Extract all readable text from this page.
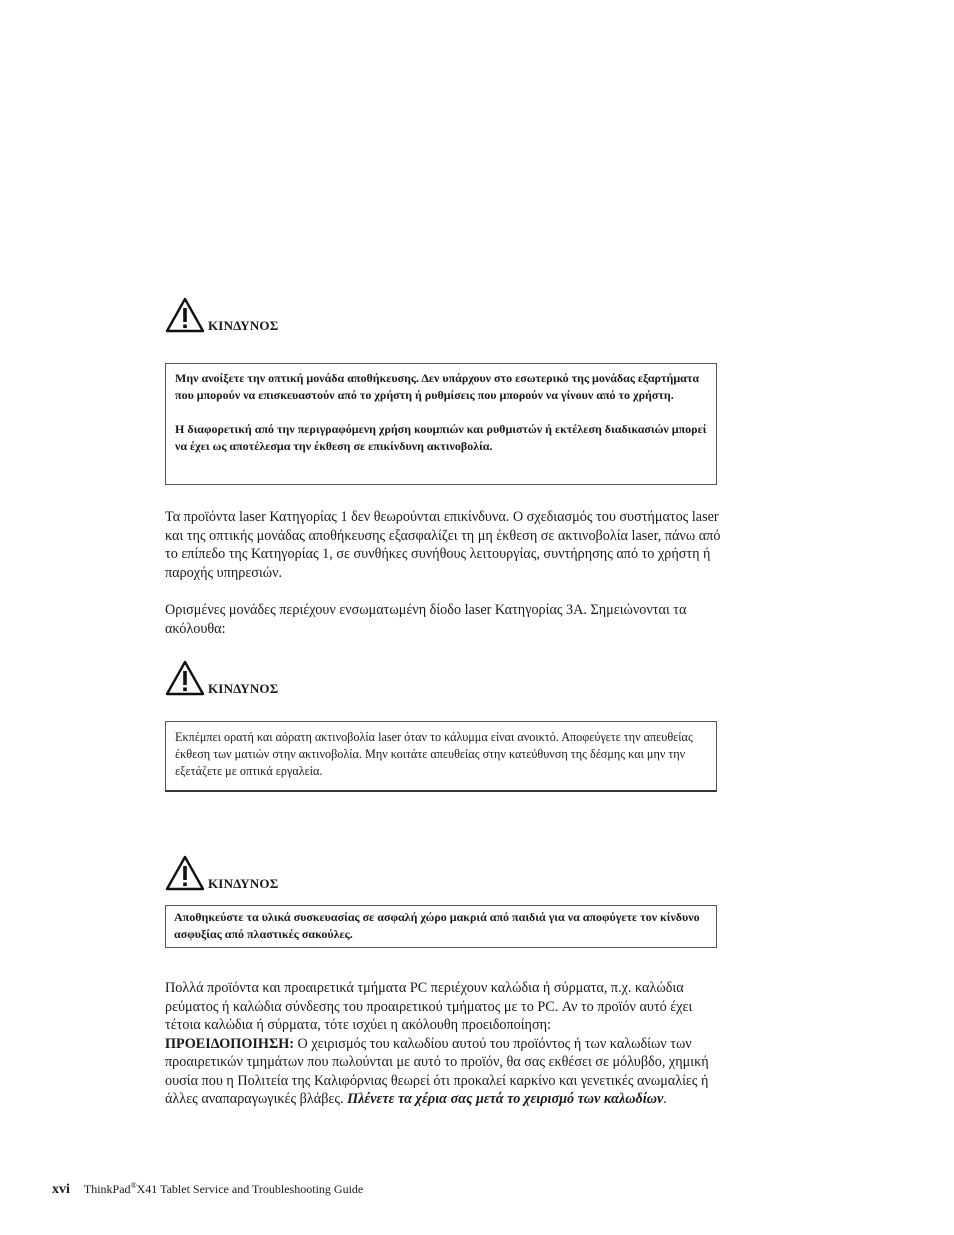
ΚΙΝΔΥΝΟΣ

Μην ανοίξετε την οπτική μονάδα αποθήκευσης. Δεν υπάρχουν στο εσωτερικό της μονάδας εξαρτήματα που μπορούν να επισκευαστούν από το χρήστη ή ρυθμίσεις που μπορούν να γίνουν από το χρήστη.

Η διαφορετική από την περιγραφόμενη χρήση κουμπιών και ρυθμιστών ή εκτέλεση διαδικασιών μπορεί να έχει ως αποτέλεσμα την έκθεση σε επικίνδυνη ακτινοβολία.

Τα προϊόντα laser Κατηγορίας 1 δεν θεωρούνται επικίνδυνα. Ο σχεδιασμός του συστήματος laser και της οπτικής μονάδας αποθήκευσης εξασφαλίζει τη μη έκθεση σε ακτινοβολία laser, πάνω από το επίπεδο της Κατηγορίας 1, σε συνθήκες συνήθους λειτουργίας, συντήρησης από το χρήστη ή παροχής υπηρεσιών.

Ορισμένες μονάδες περιέχουν ενσωματωμένη δίοδο laser Κατηγορίας 3A. Σημειώνονται τα ακόλουθα:

ΚΙΝΔΥΝΟΣ

Εκπέμπει ορατή και αόρατη ακτινοβολία laser όταν το κάλυμμα είναι ανοικτό. Αποφεύγετε την απευθείας έκθεση των ματιών στην ακτινοβολία. Μην κοιτάτε απευθείας στην κατεύθυνση της δέσμης και μην την εξετάζετε με οπτικά εργαλεία.

ΚΙΝΔΥΝΟΣ

Αποθηκεύστε τα υλικά συσκευασίας σε ασφαλή χώρο μακριά από παιδιά για να αποφύγετε τον κίνδυνο ασφυξίας από πλαστικές σακούλες.

Πολλά προϊόντα και προαιρετικά τμήματα PC περιέχουν καλώδια ή σύρματα, π.χ. καλώδια ρεύματος ή καλώδια σύνδεσης του προαιρετικού τμήματος με το PC. Αν το προϊόν αυτό έχει τέτοια καλώδια ή σύρματα, τότε ισχύει η ακόλουθη προειδοποίηση:

ΠΡΟΕΙΔΟΠΟΙΗΣΗ: Ο χειρισμός του καλωδίου αυτού του προϊόντος ή των καλωδίων των προαιρετικών τμημάτων που πωλούνται με αυτό το προϊόν, θα σας εκθέσει σε μόλυβδο, χημική ουσία που η Πολιτεία της Καλιφόρνιας θεωρεί ότι προκαλεί καρκίνο και γενετικές ανωμαλίες ή άλλες αναπαραγωγικές βλάβες. Πλένετε τα χέρια σας μετά το χειρισμό των καλωδίων.

xvi ThinkPad®X41 Tablet Service and Troubleshooting Guide
